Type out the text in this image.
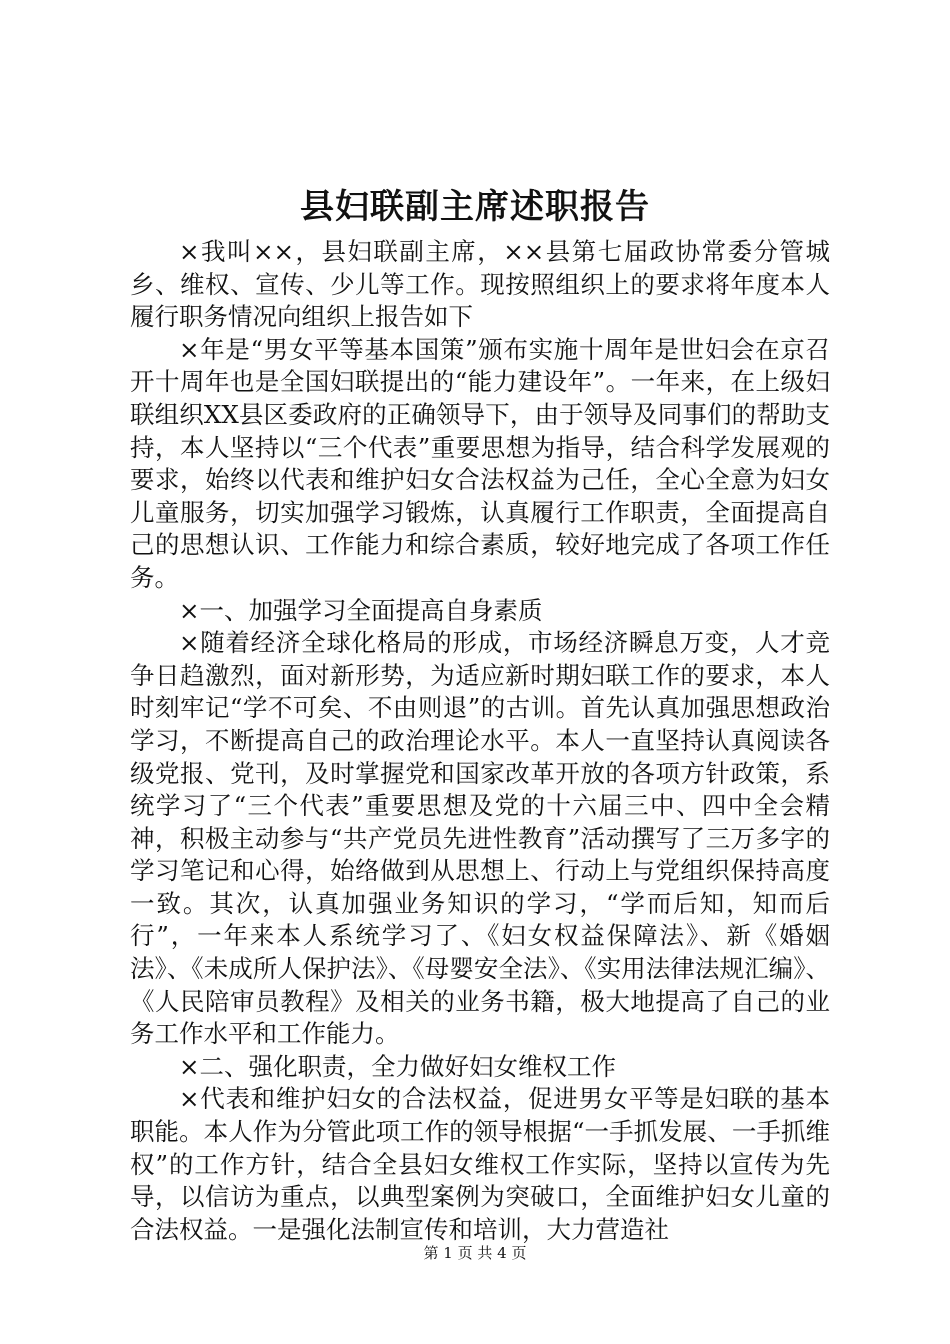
县妇联副主席述职报告

×我叫××，县妇联副主席，××县第七届政协常委分管城乡、维权、宣传、少儿等工作。现按照组织上的要求将年度本人履行职务情况向组织上报告如下

×年是“男女平等基本国策”颁布实施十周年是世妇会在京召开十周年也是全国妇联提出的“能力建设年”。一年来，在上级妇联组织XX县区委政府的正确领导下，由于领导及同事们的帮助支持，本人坚持以“三个代表”重要思想为指导，结合科学发展观的要求，始终以代表和维护妇女合法权益为己任，全心全意为妇女儿童服务，切实加强学习锻炼，认真履行工作职责，全面提高自己的思想认识、工作能力和综合素质，较好地完成了各项工作任务。

×一、加强学习全面提高自身素质

×随着经济全球化格局的形成，市场经济瞬息万变，人才竞争日趋激烈，面对新形势，为适应新时期妇联工作的要求，本人时刻牢记“学不可矣、不由则退”的古训。首先认真加强思想政治学习，不断提高自己的政治理论水平。本人一直坚持认真阅读各级党报、党刊，及时掌握党和国家改革开放的各项方针政策，系统学习了“三个代表”重要思想及党的十六届三中、四中全会精神，积极主动参与“共产党员先进性教育”活动撰写了三万多字的学习笔记和心得，始络做到从思想上、行动上与党组织保持高度一致。其次，认真加强业务知识的学习，“学而后知，知而后行”，一年来本人系统学习了、《妇女权益保障法》、新《婚姻法》、《未成所人保护法》、《母婴安全法》、《实用法律法规汇编》、《人民陪审员教程》及相关的业务书籍，极大地提高了自己的业务工作水平和工作能力。

×二、强化职责，全力做好妇女维权工作

×代表和维护妇女的合法权益，促进男女平等是妇联的基本职能。本人作为分管此项工作的领导根据“一手抓发展、一手抓维权”的工作方针，结合全县妇女维权工作实际，坚持以宣传为先导，以信访为重点，以典型案例为突破口，全面维护妇女儿童的合法权益。一是强化法制宣传和培训，大力营造社

第 1 页 共 4 页
